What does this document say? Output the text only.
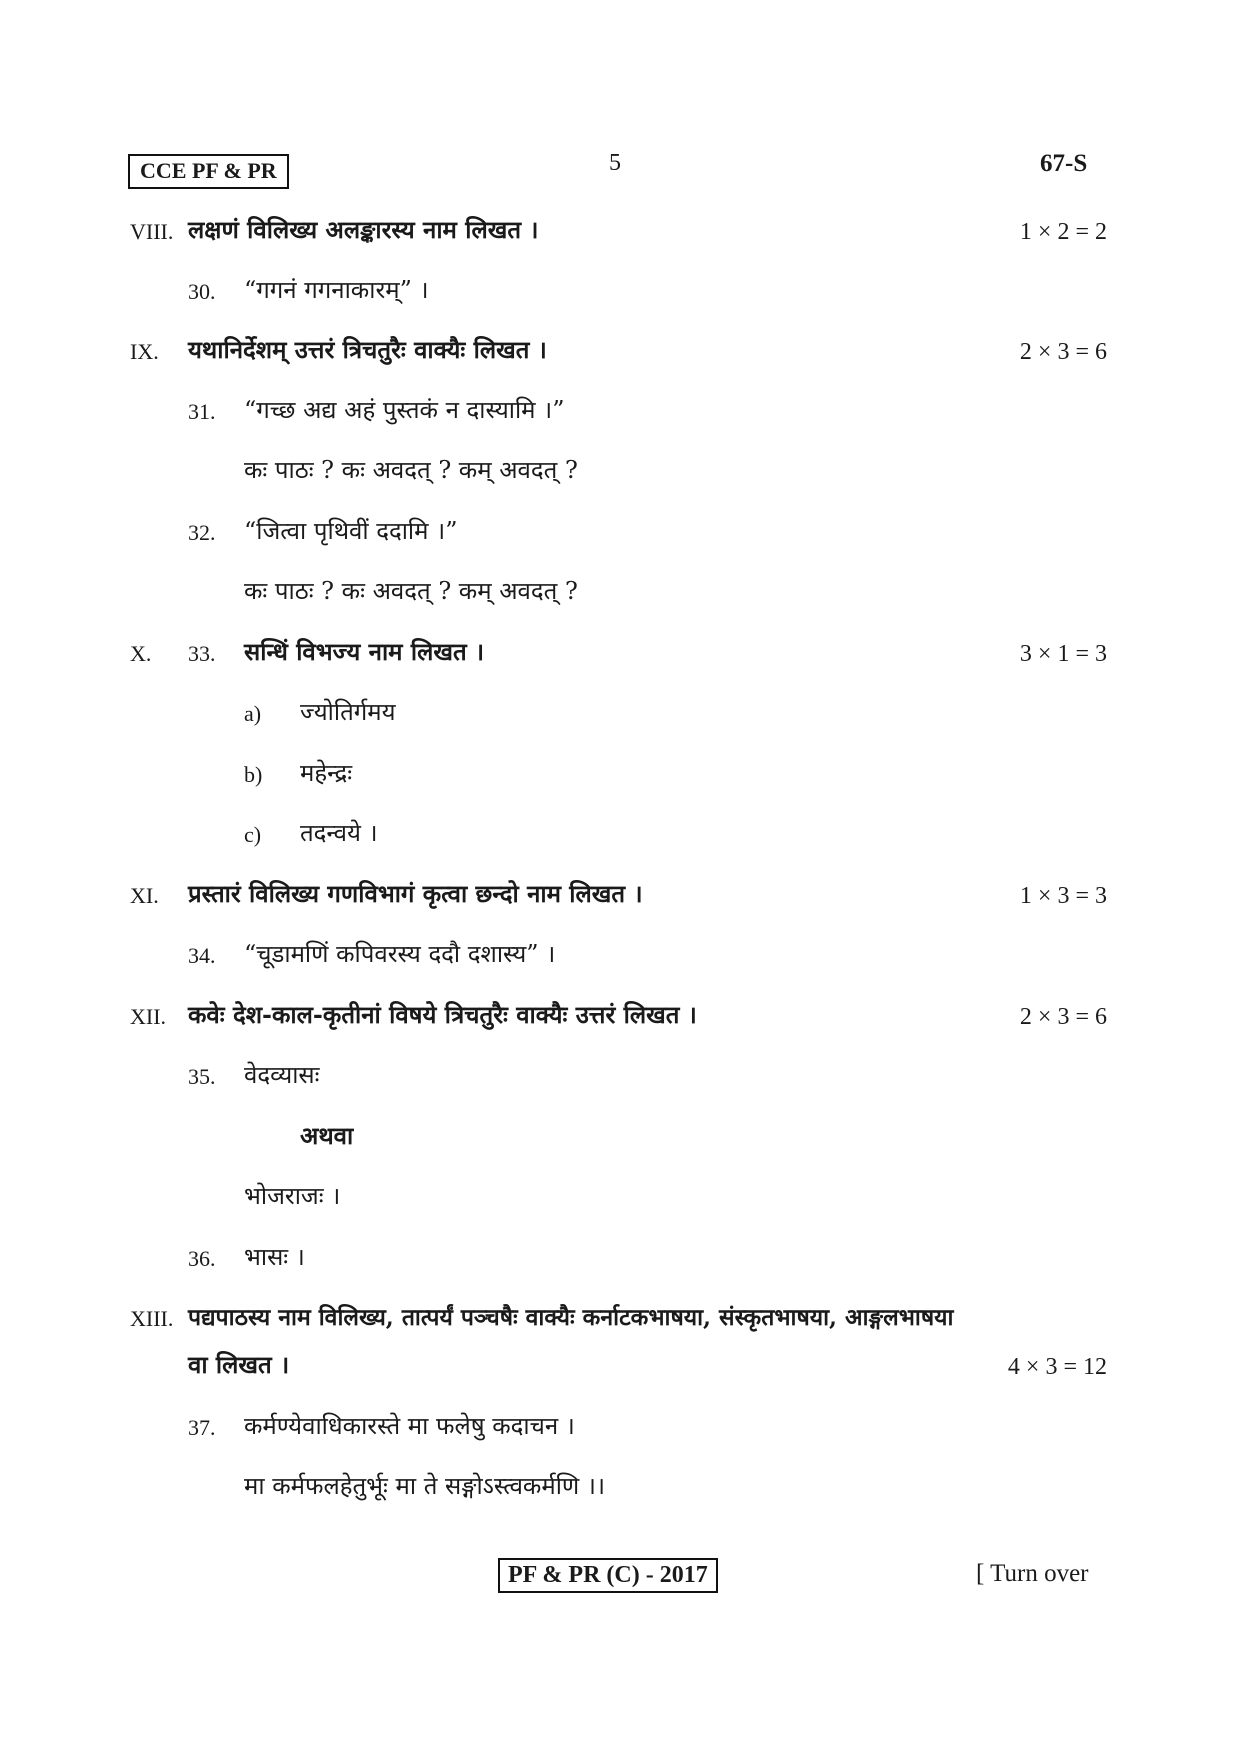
CCE PF & PR	5	67-S
VIII. लक्षणं विलिख्य अलङ्कारस्य नाम लिखत ।	1 × 2 = 2
30. “गगनं गगनाकारम्” ।
IX. यथानिर्देशम् उत्तरं त्रिचतुरैः वाक्यैः लिखत ।	2 × 3 = 6
31. “गच्छ अद्य अहं पुस्तकं न दास्यामि ।”
कः पाठः ? कः अवदत् ? कम् अवदत् ?
32. “जित्वा पृथिवीं ददामि ।”
कः पाठः ? कः अवदत् ? कम् अवदत् ?
X. 33. सन्धिं विभज्य नाम लिखत ।	3 × 1 = 3
a) ज्योतिर्गमय
b) महेन्द्रः
c) तदन्वये ।
XI. प्रस्तारं विलिख्य गणविभागं कृत्वा छन्दो नाम लिखत ।	1 × 3 = 3
34. “चूडामणिं कपिवरस्य ददौ दशास्य” ।
XII. कवेः देश-काल-कृतीनां विषये त्रिचतुरैः वाक्यैः उत्तरं लिखत ।	2 × 3 = 6
35. वेदव्यासः
अथवा
भोजराजः ।
36. भासः ।
XIII. पद्यपाठस्य नाम विलिख्य, तात्पर्यं पञ्चषैः वाक्यैः कर्नाटकभाषया, संस्कृतभाषया, आङ्गलभाषया
वा लिखत ।	4 × 3 = 12
37. कर्मण्येवाधिकारस्ते मा फलेषु कदाचन ।
मा कर्मफलहेतुर्भूः मा ते सङ्गोऽस्त्वकर्मणि ।।
PF & PR (C) - 2017	[ Turn over
